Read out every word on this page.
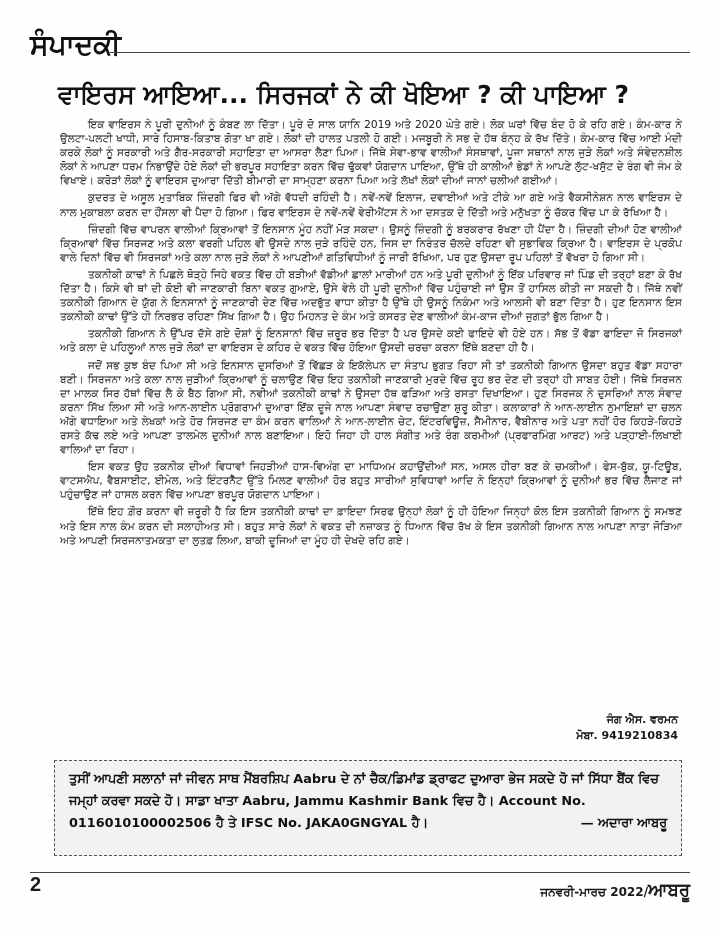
ਸੰਪਾਦਕੀ
ਵਾਇਰਸ ਆਇਆ... ਸਿਰਜਕਾਂ ਨੇ ਕੀ ਖੋਇਆ ? ਕੀ ਪਾਇਆ ?

ਇਕ ਵਾਇਰਸ ਨੇ ਪੂਰੀ ਦੁਨੀਆਂ ਨੂੰ ਕੰਬਣ ਲਾ ਦਿੱਤਾ। ਪੂਰੇ ਦੋ ਸਾਲ ਯਾਨਿ 2019 ਅਤੇ 2020 ਘੇਤੇ ਗਏ। ਲੋਕ ਘਰਾਂ ਵਿੱਚ ਬੰਦ ਹੋ ਕੇ ਰਹਿ ਗਏ। ਕੰਮ-ਕਾਰ ਨੇ ਉਲਟਾ-ਪਲਟੀ ਖਾਧੀ, ਸਾਰੇ ਹਿਸਾਬ-ਕਿਤਾਬ ਗੋਤਾ ਖਾ ਗਏ। ਲੋਕਾਂ ਦੀ ਹਾਲਤ ਪਤਲੀ ਹੋ ਗਈ। ਮਜਬੂਰੀ ਨੇ ਸਭ ਦੇ ਹੱਥ ਬੰਨ੍ਹ ਕੇ ਰੱਖ ਦਿੱਤੇ। ਕੰਮ-ਕਾਰ ਵਿੱਚ ਆਈ ਮੰਦੀ ਕਰਕੇ ਲੋਕਾਂ ਨੂੰ ਸਰਕਾਰੀ ਅਤੇ ਗੈਰ-ਸਰਕਾਰੀ ਸਹਾਇਤਾ ਦਾ ਆਸਰਾ ਲੈਣਾ ਪਿਆ। ਜਿੱਥੇ ਸੇਵਾ-ਭਾਵ ਵਾਲੀਆਂ ਸੰਸਥਾਵਾਂ, ਪੂਜਾ ਸਥਾਨਾਂ ਨਾਲ ਜੁੜੇ ਲੋਕਾਂ ਅਤੇ ਸੰਵੇਦਨਸ਼ੀਲ ਲੋਕਾਂ ਨੇ ਆਪਣਾ ਧਰਮ ਨਿਭਾਉਂਦੇ ਹੋਏ ਲੋਕਾਂ ਦੀ ਭਰਪੂਰ ਸਹਾਇਤਾ ਕਰਨ ਵਿੱਚ ਢੁੱਕਵਾਂ ਯੋਗਦਾਨ ਪਾਇਆ, ਉੱਥੇ ਹੀ ਕਾਲੀਆਂ ਭੇਡਾਂ ਨੇ ਆਪਣੇ ਲੁੱਟ-ਖਸੁੱਟ ਦੇ ਰੰਗ ਵੀ ਜੰਮ ਕੇ ਵਿਖਾਏ। ਕਰੋੜਾਂ ਲੋਕਾਂ ਨੂੰ ਵਾਇਰਸ ਦੁਆਰਾ ਦਿੱਤੀ ਬੀਮਾਰੀ ਦਾ ਸਾਮ੍ਹਣਾ ਕਰਨਾ ਪਿਆ ਅਤੇ ਲੱਖਾਂ ਲੋਕਾਂ ਦੀਆਂ ਜਾਨਾਂ ਚਲੀਆਂ ਗਈਆਂ।

ਕੁਦਰਤ ਦੇ ਅਸੂਲ ਮੁਤਾਬਿਕ ਜ਼ਿੰਦਗੀ ਫਿਰ ਵੀ ਅੱਗੇ ਵੱਧਦੀ ਰਹਿੰਦੀ ਹੈ। ਨਵੇਂ-ਨਵੇਂ ਇਲਾਜ, ਦਵਾਈਆਂ ਅਤੇ ਟੀਕੇ ਆ ਗਏ ਅਤੇ ਵੈਕਸੀਨੇਸ਼ਨ ਨਾਲ ਵਾਇਰਸ ਦੇ ਨਾਲ ਮੁਕਾਬਲਾ ਕਰਨ ਦਾ ਹੌਂਸਲਾ ਵੀ ਪੈਦਾ ਹੋ ਗਿਆ। ਫਿਰ ਵਾਇਰਸ ਦੇ ਨਵੇਂ-ਨਵੇਂ ਵੇਰੀਐਂਟਸ ਨੇ ਆ ਦਸਤਕ ਦੇ ਦਿੱਤੀ ਅਤੇ ਮਨੁੱਖਤਾ ਨੂੰ ਚੱਕਰ ਵਿੱਚ ਪਾ ਕੇ ਰੱਖਿਆ ਹੈ।

ਜ਼ਿੰਦਗੀ ਵਿੱਚ ਵਾਪਰਨ ਵਾਲੀਆਂ ਕ੍ਰਿਆਵਾਂ ਤੋਂ ਇਨਸਾਨ ਮੂੰਹ ਨਹੀਂ ਮੋੜ ਸਕਦਾ। ਉਸਨੂੰ ਜ਼ਿੰਦਗੀ ਨੂੰ ਬਰਕਰਾਰ ਰੱਖਣਾ ਹੀ ਪੈਂਦਾ ਹੈ। ਜ਼ਿੰਦਗੀ ਦੀਆਂ ਹੋਣ ਵਾਲੀਆਂ ਕ੍ਰਿਆਵਾਂ ਵਿੱਚ ਸਿਰਜਣ ਅਤੇ ਕਲਾ ਵਰਗੀ ਪਹਿਲ ਵੀ ਉਸਦੇ ਨਾਲ ਜੁੜੇ ਰਹਿੰਦੇ ਹਨ, ਜਿਸ ਦਾ ਨਿਰੰਤਰ ਚੱਲਦੇ ਰਹਿਣਾ ਵੀ ਸੁਭਾਵਿਕ ਕ੍ਰਿਆ ਹੈ। ਵਾਇਰਸ ਦੇ ਪ੍ਰਕੋਪ ਵਾਲੇ ਦਿਨਾਂ ਵਿੱਚ ਵੀ ਸਿਰਜਕਾਂ ਅਤੇ ਕਲਾ ਨਾਲ ਜੁੜੇ ਲੋਕਾਂ ਨੇ ਆਪਣੀਆਂ ਗਤਿਵਿਧੀਆਂ ਨੂੰ ਜਾਰੀ ਰੱਖਿਆ, ਪਰ ਹੁਣ ਉਸਦਾ ਰੂਪ ਪਹਿਲਾਂ ਤੋਂ ਵੱਖਰਾ ਹੋ ਗਿਆ ਸੀ।

ਤਕਨੀਕੀ ਕਾਢਾਂ ਨੇ ਪਿਛਲੇ ਥੋੜ੍ਹੇ ਜਿਹੇ ਵਕਤ ਵਿੱਚ ਹੀ ਬੜੀਆਂ ਵੱਡੀਆਂ ਛਾਲਾਂ ਮਾਰੀਆਂ ਹਨ ਅਤੇ ਪੂਰੀ ਦੁਨੀਆਂ ਨੂੰ ਇੱਕ ਪਰਿਵਾਰ ਜਾਂ ਪਿੰਡ ਦੀ ਤਰ੍ਹਾਂ ਬਣਾ ਕੇ ਰੱਖ ਦਿੱਤਾ ਹੈ। ਕਿਸੇ ਵੀ ਥਾਂ ਦੀ ਕੋਈ ਵੀ ਜਾਣਕਾਰੀ ਬਿਨਾ ਵਕਤ ਗੁਆਏ, ਉਸੇ ਵੇਲੇ ਹੀ ਪੂਰੀ ਦੁਨੀਆਂ ਵਿੱਚ ਪਹੁੰਚਾਈ ਜਾਂ ਉਸ ਤੋਂ ਹਾਸਿਲ ਕੀਤੀ ਜਾ ਸਕਦੀ ਹੈ। ਜਿੱਥੇ ਨਵੀਂ ਤਕਨੀਕੀ ਗਿਆਨ ਦੇ ਯੁੱਗ ਨੇ ਇਨਸਾਨਾਂ ਨੂੰ ਜਾਣਕਾਰੀ ਦੇਣ ਵਿੱਚ ਅਦਭੁੱਤ ਵਾਧਾ ਕੀਤਾ ਹੈ ਉੱਥੇ ਹੀ ਉਸਨੂੰ ਨਿਕੰਮਾ ਅਤੇ ਆਲਸੀ ਵੀ ਬਣਾ ਦਿੱਤਾ ਹੈ। ਹੁਣ ਇਨਸਾਨ ਇਸ ਤਕਨੀਕੀ ਕਾਢਾਂ ਉੱਤੇ ਹੀ ਨਿਰਭਰ ਰਹਿਣਾ ਸਿੱਖ ਗਿਆ ਹੈ। ਉਹ ਮਿਹਨਤ ਦੇ ਕੰਮ ਅਤੇ ਕਸਰਤ ਦੇਣ ਵਾਲੀਆਂ ਕੰਮ-ਕਾਜ ਦੀਆਂ ਜੁਗਤਾਂ ਭੁੱਲ ਗਿਆ ਹੈ।

ਤਕਨੀਕੀ ਗਿਆਨ ਨੇ ਉੱਪਰ ਦੱਸੇ ਗਏ ਦੋਸ਼ਾਂ ਨੂੰ ਇਨਸਾਨਾਂ ਵਿੱਚ ਜ਼ਰੂਰ ਭਰ ਦਿੱਤਾ ਹੈ ਪਰ ਉਸਦੇ ਕਈ ਫਾਇਦੇ ਵੀ ਹੋਏ ਹਨ। ਸੱਭ ਤੋਂ ਵੱਡਾ ਫਾਇਦਾ ਜੋ ਸਿਰਜਕਾਂ ਅਤੇ ਕਲਾ ਦੇ ਪਹਿਲੂਆਂ ਨਾਲ ਜੁੜੇ ਲੋਕਾਂ ਦਾ ਵਾਇਰਸ ਦੇ ਕਹਿਰ ਦੇ ਵਕਤ ਵਿੱਚ ਹੋਇਆ ਉਸਦੀ ਚਰਚਾ ਕਰਨਾ ਇੱਥੇ ਬਣਦਾ ਹੀ ਹੈ।

ਜਦੋਂ ਸਭ ਕੁਝ ਬੰਦ ਪਿਆ ਸੀ ਅਤੇ ਇਨਸਾਨ ਦੁਸਰਿਆਂ ਤੋਂ ਵਿੱਛੜ ਕੇ ਇਕੱਲੇਪਨ ਦਾ ਸੰਤਾਪ ਭੁਗਤ ਰਿਹਾ ਸੀ ਤਾਂ ਤਕਨੀਕੀ ਗਿਆਨ ਉਸਦਾ ਬਹੁਤ ਵੱਡਾ ਸਹਾਰਾ ਬਣੀ। ਸਿਰਜਨਾ ਅਤੇ ਕਲਾ ਨਾਲ ਜੁੜੀਆਂ ਕ੍ਰਿਆਵਾਂ ਨੂੰ ਚਲਾਉਣ ਵਿੱਚ ਇਹ ਤਕਨੀਕੀ ਜਾਣਕਾਰੀ ਮੁਰਦੇ ਵਿੱਚ ਰੂਹ ਭਰ ਦੇਣ ਦੀ ਤਰ੍ਹਾਂ ਹੀ ਸਾਬਤ ਹੋਈ। ਜਿੱਥੇ ਸਿਰਜਨ ਦਾ ਮਾਲਕ ਸਿਰ ਹੱਥਾਂ ਵਿੱਚ ਲੈ ਕੇ ਬੈਠ ਗਿਆ ਸੀ, ਨਵੀਆਂ ਤਕਨੀਕੀ ਕਾਢਾਂ ਨੇ ਉਸਦਾ ਹੱਥ ਫੜਿਆ ਅਤੇ ਰਸਤਾ ਦਿਖਾਇਆ। ਹੁਣ ਸਿਰਜਕ ਨੇ ਦੁਸਰਿਆਂ ਨਾਲ ਸੰਵਾਦ ਕਰਨਾ ਸਿੱਖ ਲਿਆ ਸੀ ਅਤੇ ਆਨ-ਲਾਈਨ ਪ੍ਰੋਗਰਾਮਾਂ ਦੁਆਰਾ ਇੱਕ ਦੂਜੇ ਨਾਲ ਆਪਣਾ ਸੰਵਾਦ ਰਚਾਉਣਾ ਸ਼ੁਰੂ ਕੀਤਾ। ਕਲਾਕਾਰਾਂ ਨੇ ਆਨ-ਲਾਈਨ ਨੁਮਾਇਸ਼ਾਂ ਦਾ ਚਲਨ ਅੱਗੇ ਵਧਾਇਆ ਅਤੇ ਲੇਖਕਾਂ ਅਤੇ ਹੋਰ ਸਿਰਜਣ ਦਾ ਕੰਮ ਕਰਨ ਵਾਲਿਆਂ ਨੇ ਆਨ-ਲਾਈਨ ਚੇਟ, ਇੰਟਰਵਿਊਜ਼, ਸੈਮੀਨਾਰ, ਵੈਬੀਨਾਰ ਅਤੇ ਪਤਾ ਨਹੀਂ ਹੋਰ ਕਿਹੜੇ-ਕਿਹੜੇ ਰਸਤੇ ਕੱਢ ਲਏ ਅਤੇ ਆਪਣਾ ਤਾਲਮੇਲ ਦੁਨੀਆਂ ਨਾਲ ਬਣਾਇਆ। ਇਹੋ ਜਿਹਾ ਹੀ ਹਾਲ ਸੰਗੀਤ ਅਤੇ ਰੰਗ ਕਰਮੀਆਂ (ਪ੍ਰਫਾਰਮਿੰਗ ਆਰਟ) ਅਤੇ ਪੜ੍ਹਾਈ-ਲਿਖਾਈ ਵਾਲਿਆਂ ਦਾ ਰਿਹਾ।

ਇਸ ਵਕਤ ਉਹ ਤਕਨੀਕ ਦੀਆਂ ਵਿਧਾਵਾਂ ਜਿਹੜੀਆਂ ਹਾਸ-ਵਿਅੰਗ ਦਾ ਮਾਧਿਅਮ ਕਹਾਉਂਦੀਆਂ ਸਨ, ਅਸਲ ਹੀਰਾ ਬਣ ਕੇ ਚਮਕੀਆਂ। ਫੇਸ-ਬੁੱਕ, ਯੂ-ਟਿਊਬ, ਵਾਟਸਐਪ, ਵੈਬਸਾਈਟ, ਈਮੇਲ, ਅਤੇ ਇੰਟਰਨੈੱਟ ਉੱਤੇ ਮਿਲਣ ਵਾਲੀਆਂ ਹੋਰ ਬਹੁਤ ਸਾਰੀਆਂ ਸੁਵਿਧਾਵਾਂ ਆਦਿ ਨੇ ਇਨ੍ਹਾਂ ਕ੍ਰਿਆਵਾਂ ਨੂੰ ਦੁਨੀਆਂ ਭਰ ਵਿੱਚ ਲੈਜਾਣ ਜਾਂ ਪਹੁੰਚਾਉਣ ਜਾਂ ਹਾਸਲ ਕਰਨ ਵਿੱਚ ਆਪਣਾ ਭਰਪੂਰ ਯੋਗਦਾਨ ਪਾਇਆ।

ਇੱਥੇ ਇਹ ਗ਼ੌਰ ਕਰਨਾ ਵੀ ਜ਼ਰੂਰੀ ਹੈ ਕਿ ਇਸ ਤਕਨੀਕੀ ਕਾਢਾਂ ਦਾ ਫ਼ਾਇਦਾ ਸਿਰਫ ਉਨ੍ਹਾਂ ਲੋਕਾਂ ਨੂੰ ਹੀ ਹੋਇਆ ਜਿਨ੍ਹਾਂ ਕੋਲ ਇਸ ਤਕਨੀਕੀ ਗਿਆਨ ਨੂੰ ਸਮਝਣ ਅਤੇ ਇਸ ਨਾਲ ਕੰਮ ਕਰਨ ਦੀ ਸਲਾਹੀਅਤ ਸੀ। ਬਹੁਤ ਸਾਰੇ ਲੋਕਾਂ ਨੇ ਵਕਤ ਦੀ ਨਜ਼ਾਕਤ ਨੂੰ ਧਿਆਨ ਵਿੱਚ ਰੱਖ ਕੇ ਇਸ ਤਕਨੀਕੀ ਗਿਆਨ ਨਾਲ ਆਪਣਾ ਨਾਤਾ ਜੋੜਿਆ ਅਤੇ ਆਪਣੀ ਸਿਰਜਨਾਤਮਕਤਾ ਦਾ ਲੁਤਫ਼ ਲਿਆ, ਬਾਕੀ ਦੂਜਿਆਂ ਦਾ ਮੂੰਹ ਹੀ ਦੇਖਦੇ ਰਹਿ ਗਏ।

ਜੰਗ ਐਸ. ਵਰਮਨ
ਮੋਬਾ. 9419210834
ਤੁਸੀਂ ਆਪਣੀ ਸਲਾਨਾਂ ਜਾਂ ਜੀਵਨ ਸਾਥ ਮੈਂਬਰਸ਼ਿਪ Aabru ਦੇ ਨਾਂ ਚੈਕ/ਡਿਮਾਂਡ ਡ੍ਰਾਫਟ ਦੁਆਰਾ ਭੇਜ ਸਕਦੇ ਹੋ ਜਾਂ ਸਿੱਧਾ ਬੈਂਕ ਵਿਚ ਜਮ੍ਹਾਂ ਕਰਵਾ ਸਕਦੇ ਹੋ। ਸਾਡਾ ਖਾਤਾ Aabru, Jammu Kashmir Bank ਵਿਚ ਹੈ। Account No. 0116010100002506 ਹੈ ਤੇ IFSC No. JAKA0GNGYAL ਹੈ।	— ਅਦਾਰਾ ਆਬਰੂ
2	ਜਨਵਰੀ-ਮਾਰਚ 2022/ਆਬਰੂ
